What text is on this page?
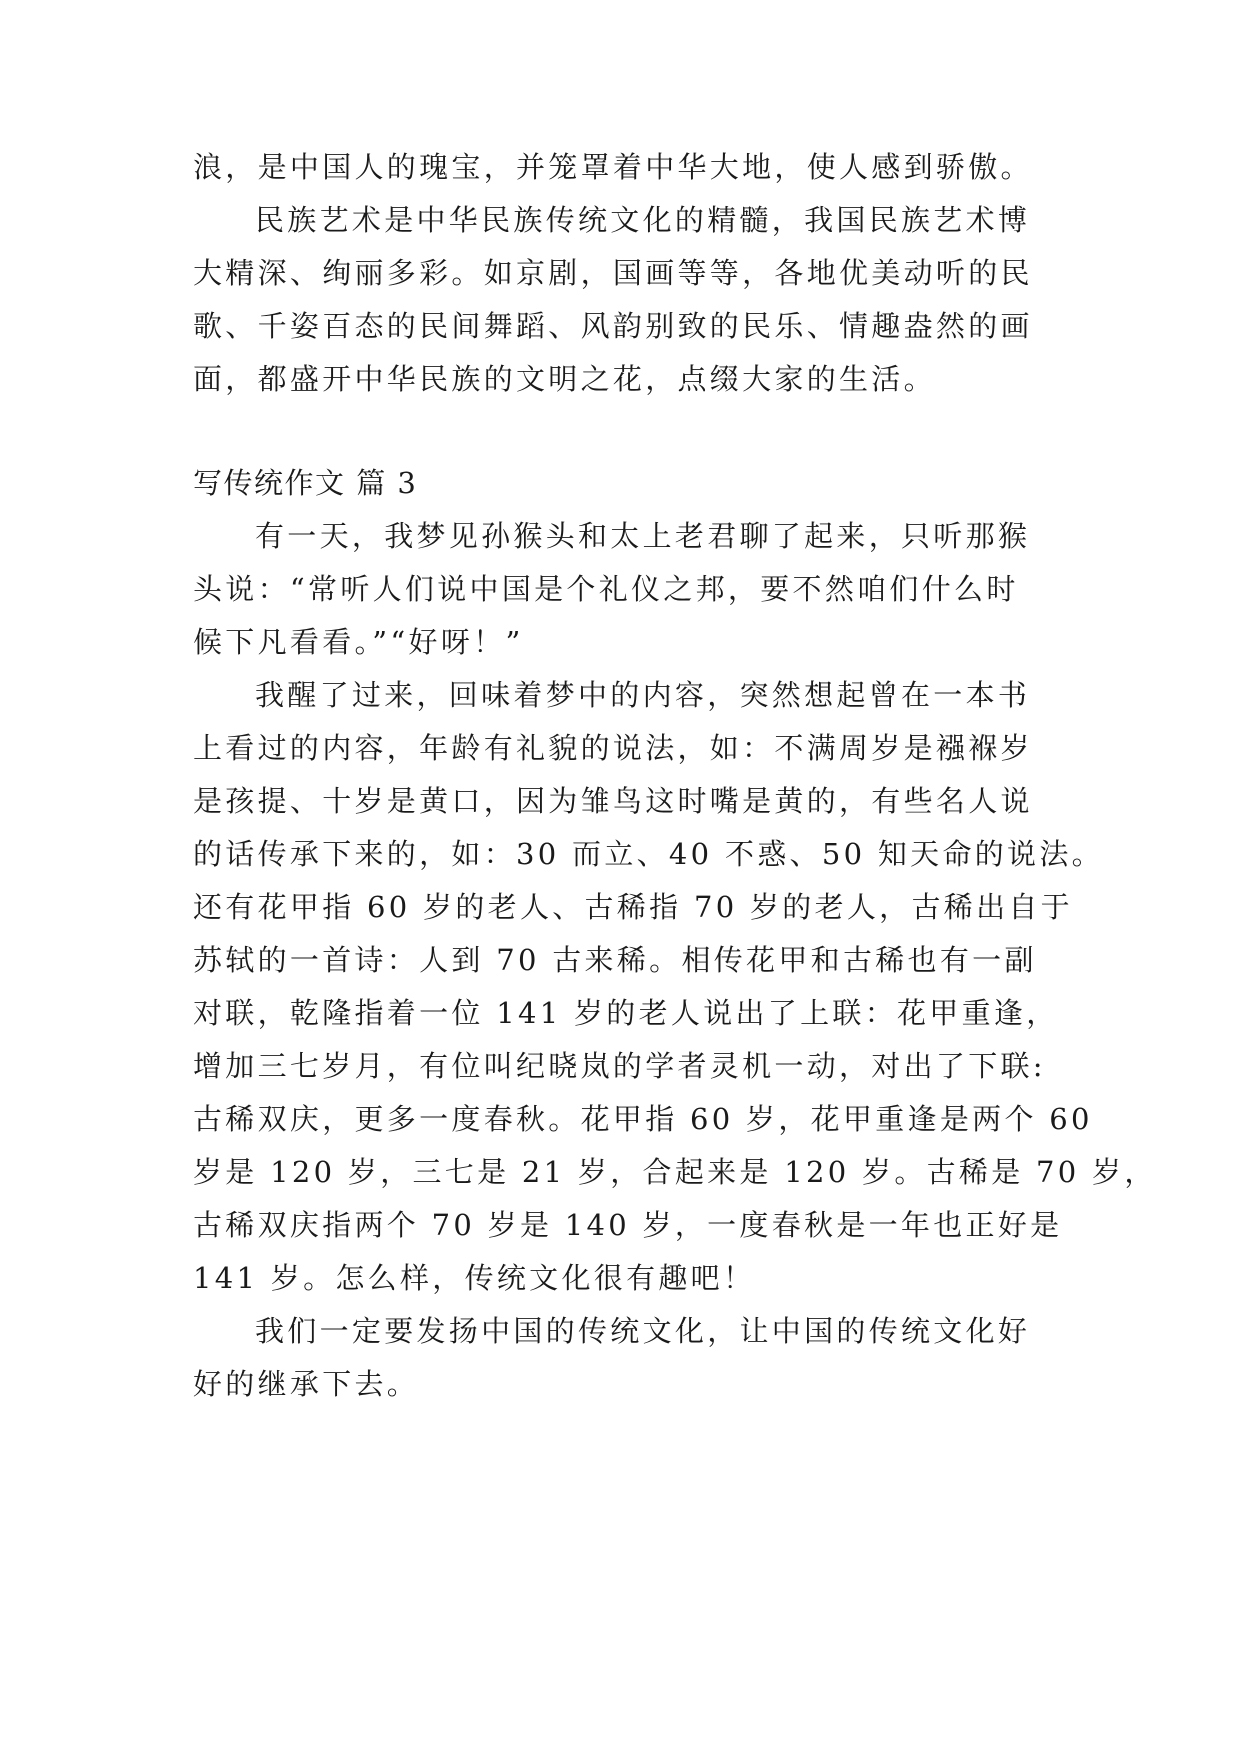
浪，是中国人的瑰宝，并笼罩着中华大地，使人感到骄傲。
民族艺术是中华民族传统文化的精髓，我国民族艺术博
大精深、绚丽多彩。如京剧，国画等等，各地优美动听的民
歌、千姿百态的民间舞蹈、风韵别致的民乐、情趣盎然的画
面，都盛开中华民族的文明之花，点缀大家的生活。
写传统作文 篇 3
有一天，我梦见孙猴头和太上老君聊了起来，只听那猴
头说：“常听人们说中国是个礼仪之邦，要不然咱们什么时
候下凡看看。”“好呀！”
我醒了过来，回味着梦中的内容，突然想起曾在一本书
上看过的内容，年龄有礼貌的说法，如：不满周岁是襁褓岁
是孩提、十岁是黄口，因为雏鸟这时嘴是黄的，有些名人说
的话传承下来的，如：30 而立、40 不惑、50 知天命的说法。
还有花甲指 60 岁的老人、古稀指 70 岁的老人，古稀出自于
苏轼的一首诗：人到 70 古来稀。相传花甲和古稀也有一副
对联，乾隆指着一位 141 岁的老人说出了上联：花甲重逢，
增加三七岁月，有位叫纪晓岚的学者灵机一动，对出了下联:
古稀双庆，更多一度春秋。花甲指 60 岁，花甲重逢是两个 60
岁是 120 岁，三七是 21 岁，合起来是 120 岁。古稀是 70 岁，
古稀双庆指两个 70 岁是 140 岁，一度春秋是一年也正好是
141 岁。怎么样，传统文化很有趣吧！
我们一定要发扬中国的传统文化，让中国的传统文化好
好的继承下去。
